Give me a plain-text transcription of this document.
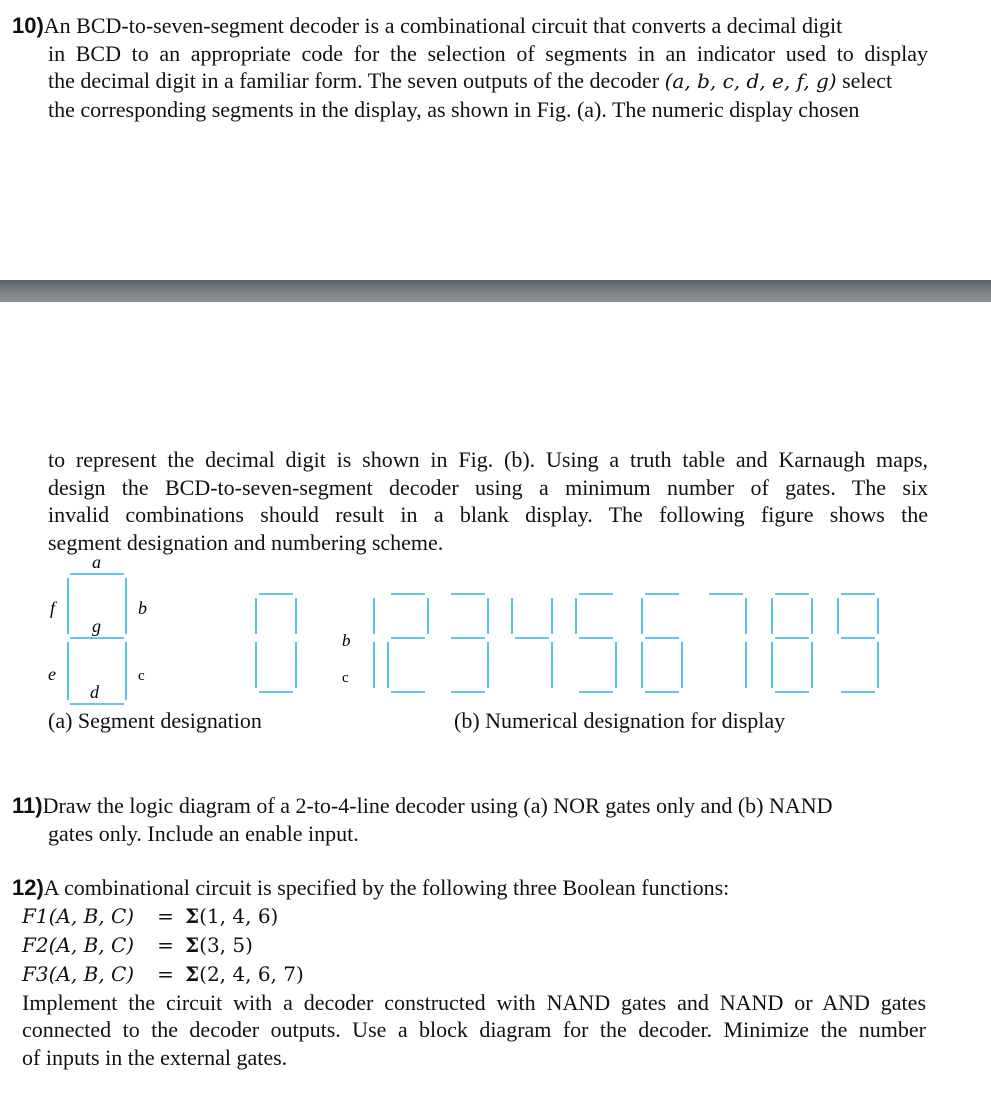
10)An BCD-to-seven-segment decoder is a combinational circuit that converts a decimal digit
in BCD to an appropriate code for the selection of segments in an indicator used to display
the decimal digit in a familiar form. The seven outputs of the decoder (a, b, c, d, e, f, g) select
the corresponding segments in the display, as shown in Fig. (a). The numeric display chosen
to represent the decimal digit is shown in Fig. (b). Using a truth table and Karnaugh maps,
design the BCD-to-seven-segment decoder using a minimum number of gates. The six
invalid combinations should result in a blank display. The following figure shows the
segment designation and numbering scheme.
a
f	b
g
e	c
d
b
c
(a) Segment designation	(b) Numerical designation for display
11)Draw the logic diagram of a 2-to-4-line decoder using (a) NOR gates only and (b) NAND
gates only. Include an enable input.
12)A combinational circuit is specified by the following three Boolean functions:
F1(A, B, C) = Σ(1, 4, 6)
F2(A, B, C) = Σ(3, 5)
F3(A, B, C) = Σ(2, 4, 6, 7)
Implement the circuit with a decoder constructed with NAND gates and NAND or AND gates
connected to the decoder outputs. Use a block diagram for the decoder. Minimize the number
of inputs in the external gates.
